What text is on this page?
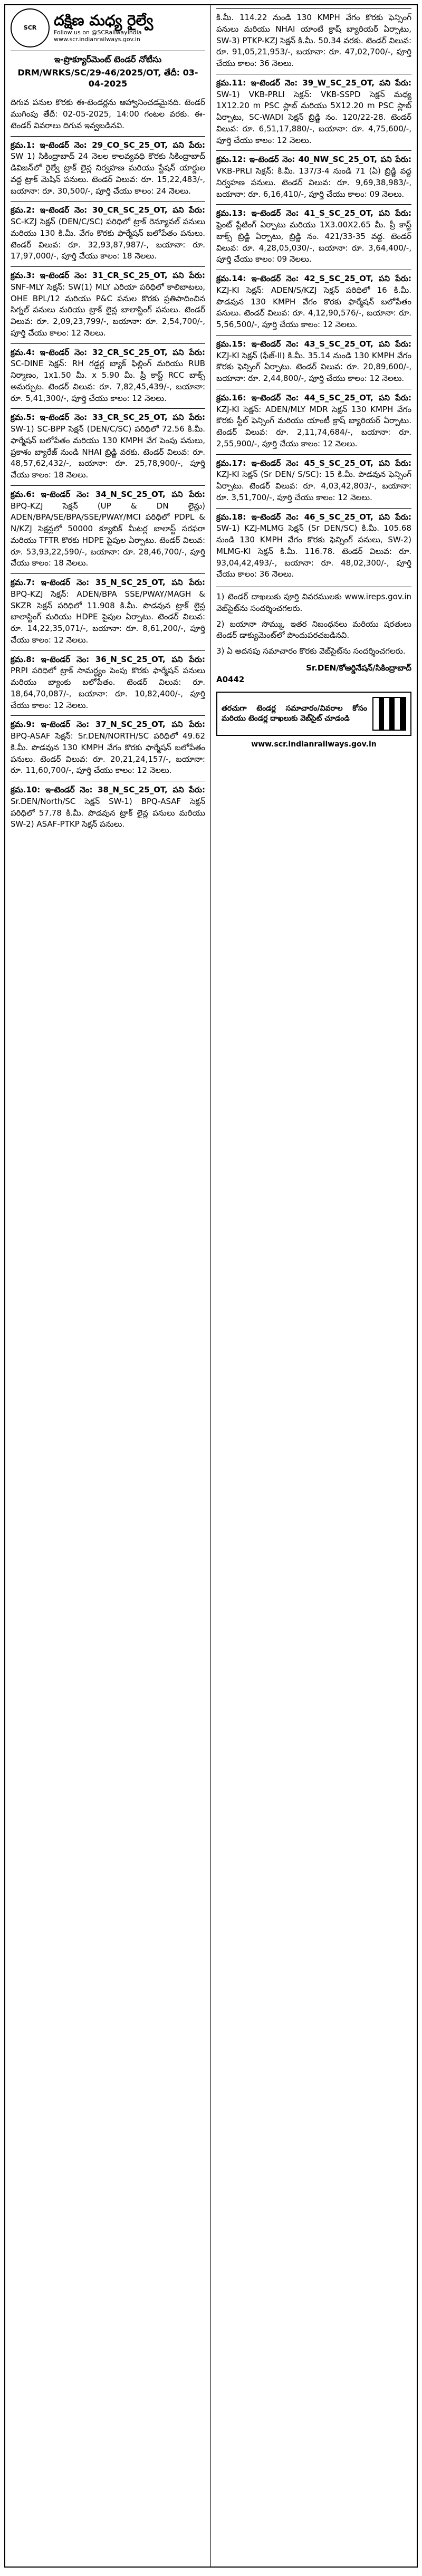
SCR దక్షిణ మధ్య రైల్వే
Follow us on @SCRailwayIndia
www.scr.indianrailways.gov.in
ఇ-ప్రొక్యూర్‌మెంట్ టెండర్ నోటీసు
DRM/WRKS/SC/29-46/2025/OT, తేదీ: 03-04-2025

దిగువ పనుల కొరకు ఈ-టెండర్లను ఆహ్వానించడమైనది. టెండర్ ముగింపు తేదీ: 02-05-2025, 14:00 గంటల వరకు. ఈ-టెండర్ వివరాలు దిగువ ఇవ్వబడినవి.

క్రమ.1: ఇ-టెండర్ నెం: 29_CO_SC_25_OT, పని పేరు: SW 1) సికింద్రాబాద్ 24 నెలల కాలవ్యవధి కొరకు సికింద్రాబాద్ డివిజన్‌లో రైల్వే ట్రాక్ లైన్ల నిర్వహణ మరియు స్టేషన్ యార్డుల వద్ద ట్రాక్ మెషిన్ పనులు. టెండర్ విలువ: రూ. 15,22,483/-, బయానా: రూ. 30,500/-, పూర్తి చేయు కాలం: 24 నెలలు.

క్రమ.2: ఇ-టెండర్ నెం: 30_CR_SC_25_OT, పని పేరు: SC-KZJ సెక్షన్ (DEN/C/SC) పరిధిలో ట్రాక్ రెన్యూవల్ పనులు మరియు 130 కి.మీ. వేగం కొరకు ఫార్మేషన్ బలోపేతం పనులు. టెండర్ విలువ: రూ. 32,93,87,987/-, బయానా: రూ. 17,97,000/-, పూర్తి చేయు కాలం: 18 నెలలు.

క్రమ.3: ఇ-టెండర్ నెం: 31_CR_SC_25_OT, పని పేరు: SNF-MLY సెక్షన్: SW(1) MLY ఎరియా పరిధిలో కాలిబాటలు, OHE BPL/12 మరియు P&C పనుల కొరకు ప్రతిపాదించిన సిగ్నల్ పనులు మరియు ట్రాక్ లైన్ల బాలాస్టింగ్ పనులు. టెండర్ విలువ: రూ. 2,09,23,799/-, బయానా: రూ. 2,54,700/-, పూర్తి చేయు కాలం: 12 నెలలు.

క్రమ.4: ఇ-టెండర్ నెం: 32_CR_SC_25_OT, పని పేరు: SC-DINE సెక్షన్: RH గడ్డర్ల బ్యాక్ ఫిల్లింగ్ మరియు RUB నిర్మాణం, 1x1.50 మీ. x 5.90 మీ. ప్రీ కాస్ట్ RCC బాక్స్ అమర్చుట. టెండర్ విలువ: రూ. 7,82,45,439/-, బయానా: రూ. 5,41,300/-, పూర్తి చేయు కాలం: 12 నెలలు.

క్రమ.5: ఇ-టెండర్ నెం: 33_CR_SC_25_OT, పని పేరు: SW-1) SC-BPP సెక్షన్ (DEN/C/SC) పరిధిలో 72.56 కి.మీ. ఫార్మేషన్ బలోపేతం మరియు 130 KMPH వేగ పెంపు పనులు, ప్రకాశం బ్యారేజ్ నుండి NHAI బ్రిడ్జి వరకు. టెండర్ విలువ: రూ. 48,57,62,432/-, బయానా: రూ. 25,78,900/-, పూర్తి చేయు కాలం: 18 నెలలు.

క్రమ.6: ఇ-టెండర్ నెం: 34_N_SC_25_OT, పని పేరు: BPQ-KZJ సెక్షన్ (UP & DN లైన్లు) ADEN/BPA/SE/BPA/SSE/PWAY/MCI పరిధిలో PDPL & N/KZJ సెక్షన్లలో 50000 క్యూబిక్ మీటర్ల బాలాస్ట్ సరఫరా మరియు TFTR కొరకు HDPE పైపుల ఏర్పాటు. టెండర్ విలువ: రూ. 53,93,22,590/-, బయానా: రూ. 28,46,700/-, పూర్తి చేయు కాలం: 18 నెలలు.

క్రమ.7: ఇ-టెండర్ నెం: 35_N_SC_25_OT, పని పేరు: BPQ-KZJ సెక్షన్: ADEN/BPA SSE/PWAY/MAGH & SKZR సెక్షన్ పరిధిలో 11.908 కి.మీ. పొడవున ట్రాక్ లైన్ల బాలాస్టింగ్ మరియు HDPE పైపుల ఏర్పాటు. టెండర్ విలువ: రూ. 14,22,35,071/-, బయానా: రూ. 8,61,200/-, పూర్తి చేయు కాలం: 12 నెలలు.

క్రమ.8: ఇ-టెండర్ నెం: 36_N_SC_25_OT, పని పేరు: PRPI పరిధిలో ట్రాక్ సామర్థ్యం పెంపు కొరకు ఫార్మేషన్ పనులు మరియు బ్యాంకు బలోపేతం. టెండర్ విలువ: రూ. 18,64,70,087/-, బయానా: రూ. 10,82,400/-, పూర్తి చేయు కాలం: 12 నెలలు.

క్రమ.9: ఇ-టెండర్ నెం: 37_N_SC_25_OT, పని పేరు: BPQ-ASAF సెక్షన్: Sr.DEN/NORTH/SC పరిధిలో 49.62 కి.మీ. పొడవున 130 KMPH వేగం కొరకు ఫార్మేషన్ బలోపేతం పనులు. టెండర్ విలువ: రూ. 20,21,24,157/-, బయానా: రూ. 11,60,700/-, పూర్తి చేయు కాలం: 12 నెలలు.

క్రమ.10: ఇ-టెండర్ నెం: 38_N_SC_25_OT, పని పేరు: Sr.DEN/North/SC సెక్షన్ SW-1) BPQ-ASAF సెక్షన్ పరిధిలో 57.78 కి.మీ. పొడవున ట్రాక్ లైన్ల పనులు మరియు SW-2) ASAF-PTKP సెక్షన్ పనులు.

కి.మీ. 114.22 నుండి 130 KMPH వేగం కొరకు ఫెన్సింగ్ పనులు మరియు NHAI యాంటీ క్రాష్ బ్యారియర్ ఏర్పాటు, SW-3) PTKP-KZJ సెక్షన్ కి.మీ. 50.34 వరకు. టెండర్ విలువ: రూ. 91,05,21,953/-, బయానా: రూ. 47,02,700/-, పూర్తి చేయు కాలం: 36 నెలలు.

క్రమ.11: ఇ-టెండర్ నెం: 39_W_SC_25_OT, పని పేరు: SW-1) VKB-PRLI సెక్షన్: VKB-SSPD సెక్షన్ మధ్య 1X12.20 m PSC స్లాబ్ మరియు 5X12.20 m PSC స్లాబ్ ఏర్పాటు, SC-WADI సెక్షన్ బ్రిడ్జి నం. 120/22-28. టెండర్ విలువ: రూ. 6,51,17,880/-, బయానా: రూ. 4,75,600/-, పూర్తి చేయు కాలం: 12 నెలలు.

క్రమ.12: ఇ-టెండర్ నెం: 40_NW_SC_25_OT, పని పేరు: VKB-PRLI సెక్షన్: కి.మీ. 137/3-4 నుండి 71 (ఏ) బ్రిడ్జి వద్ద నిర్వహణ పనులు. టెండర్ విలువ: రూ. 9,69,38,983/-, బయానా: రూ. 6,16,410/-, పూర్తి చేయు కాలం: 09 నెలలు.

క్రమ.13: ఇ-టెండర్ నెం: 41_S_SC_25_OT, పని పేరు: ఫ్రెంట్ ప్లేటింగ్ ఏర్పాటు మరియు 1X3.00X2.65 మీ. ప్రీ కాస్ట్ బాక్స్ బ్రిడ్జి ఏర్పాటు, బ్రిడ్జి నం. 421/33-35 వద్ద. టెండర్ విలువ: రూ. 4,28,05,030/-, బయానా: రూ. 3,64,400/-, పూర్తి చేయు కాలం: 09 నెలలు.

క్రమ.14: ఇ-టెండర్ నెం: 42_S_SC_25_OT, పని పేరు: KZJ-KI సెక్షన్: ADEN/S/KZJ సెక్షన్ పరిధిలో 16 కి.మీ. పొడవున 130 KMPH వేగం కొరకు ఫార్మేషన్ బలోపేతం పనులు. టెండర్ విలువ: రూ. 4,12,90,576/-, బయానా: రూ. 5,56,500/-, పూర్తి చేయు కాలం: 12 నెలలు.

క్రమ.15: ఇ-టెండర్ నెం: 43_S_SC_25_OT, పని పేరు: KZJ-KI సెక్షన్ (ఫేజ్-II) కి.మీ. 35.14 నుండి 130 KMPH వేగం కొరకు ఫెన్సింగ్ ఏర్పాటు. టెండర్ విలువ: రూ. 20,89,600/-, బయానా: రూ. 2,44,800/-, పూర్తి చేయు కాలం: 12 నెలలు.

క్రమ.16: ఇ-టెండర్ నెం: 44_S_SC_25_OT, పని పేరు: KZJ-KI సెక్షన్: ADEN/MLY MDR సెక్షన్ 130 KMPH వేగం కొరకు స్టీల్ ఫెన్సింగ్ మరియు యాంటీ క్రాష్ బ్యారియర్ ఏర్పాటు. టెండర్ విలువ: రూ. 2,11,74,684/-, బయానా: రూ. 2,55,900/-, పూర్తి చేయు కాలం: 12 నెలలు.

క్రమ.17: ఇ-టెండర్ నెం: 45_S_SC_25_OT, పని పేరు: KZJ-KI సెక్షన్ (Sr DEN/ S/SC): 15 కి.మీ. పొడవున ఫెన్సింగ్ ఏర్పాటు. టెండర్ విలువ: రూ. 4,03,42,803/-, బయానా: రూ. 3,51,700/-, పూర్తి చేయు కాలం: 12 నెలలు.

క్రమ.18: ఇ-టెండర్ నెం: 46_S_SC_25_OT, పని పేరు: SW-1) KZJ-MLMG సెక్షన్ (Sr DEN/SC) కి.మీ. 105.68 నుండి 130 KMPH వేగం కొరకు ఫెన్సింగ్ పనులు, SW-2) MLMG-KI సెక్షన్ కి.మీ. 116.78. టెండర్ విలువ: రూ. 93,04,42,493/-, బయానా: రూ. 48,02,300/-, పూర్తి చేయు కాలం: 36 నెలలు.

1) టెండర్ దాఖలుకు పూర్తి వివరములకు www.ireps.gov.in వెబ్‌సైట్‌ను సందర్శించగలరు.

2) బయానా సొమ్ము, ఇతర నిబంధనలు మరియు షరతులు టెండర్ డాక్యుమెంట్‌లో పొందుపరచబడినవి.

3) ఏ అదనపు సమాచారం కొరకు వెబ్‌సైట్‌ను సందర్శించగలరు.

Sr.DEN/కోఆర్డినేషన్/సికింద్రాబాద్
A0442
తరచుగా టెండర్ల సమాచారం/వివరాల కోసం మరియు టెండర్ల దాఖలుకు వెబ్‌సైట్ చూడండి
www.scr.indianrailways.gov.in
